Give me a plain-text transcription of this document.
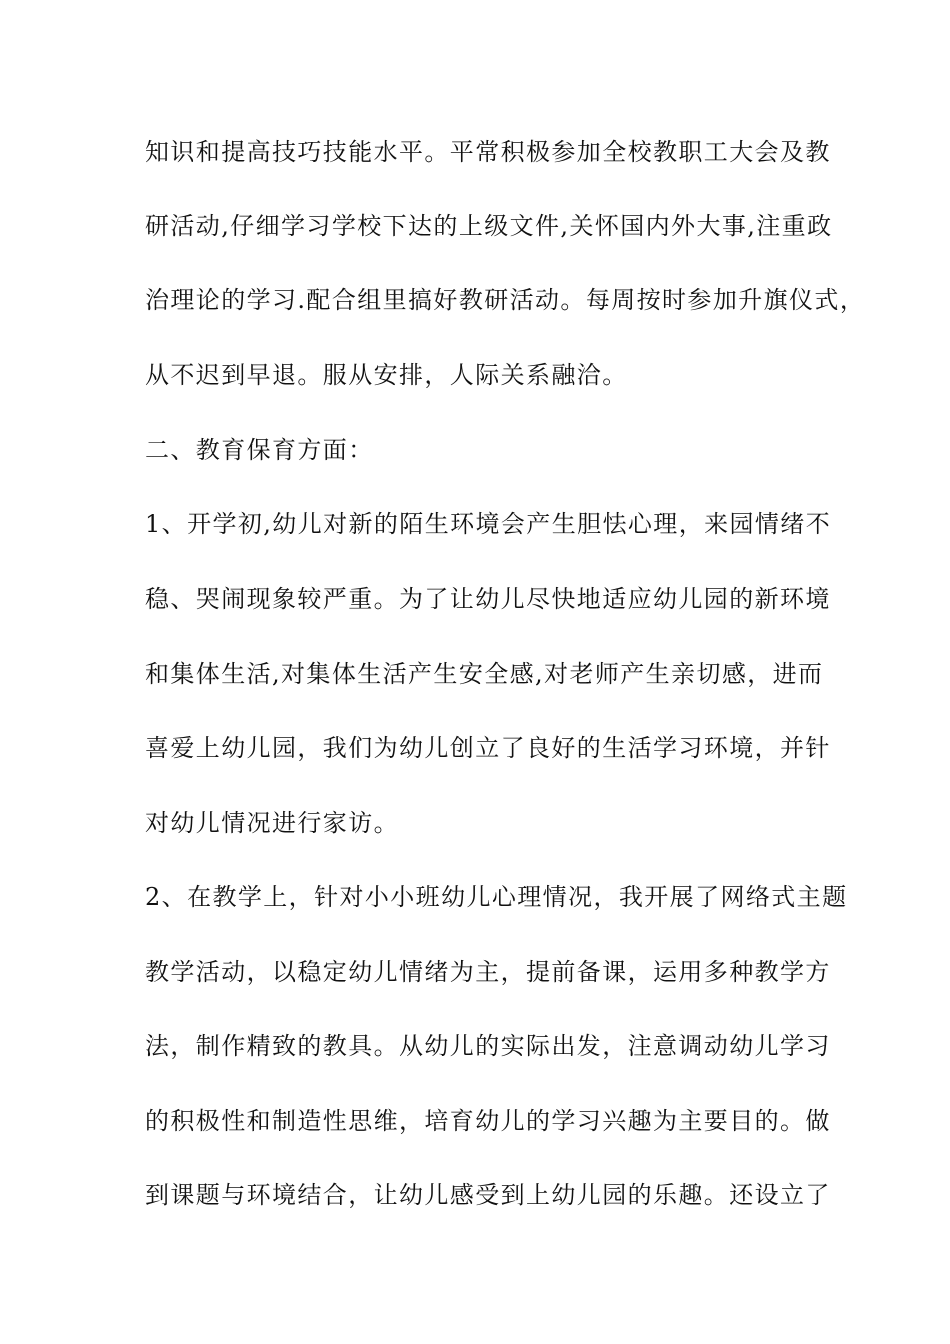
知识和提高技巧技能水平。平常积极参加全校教职工大会及教
研活动,仔细学习学校下达的上级文件,关怀国内外大事,注重政
治理论的学习.配合组里搞好教研活动。每周按时参加升旗仪式，
从不迟到早退。服从安排，人际关系融洽。
二、教育保育方面：
1、开学初,幼儿对新的陌生环境会产生胆怯心理，来园情绪不
稳、哭闹现象较严重。为了让幼儿尽快地适应幼儿园的新环境
和集体生活,对集体生活产生安全感,对老师产生亲切感，进而
喜爱上幼儿园，我们为幼儿创立了良好的生活学习环境，并针
对幼儿情况进行家访。
2、在教学上，针对小小班幼儿心理情况，我开展了网络式主题
教学活动，以稳定幼儿情绪为主，提前备课，运用多种教学方
法，制作精致的教具。从幼儿的实际出发，注意调动幼儿学习
的积极性和制造性思维，培育幼儿的学习兴趣为主要目的。做
到课题与环境结合，让幼儿感受到上幼儿园的乐趣。还设立了
